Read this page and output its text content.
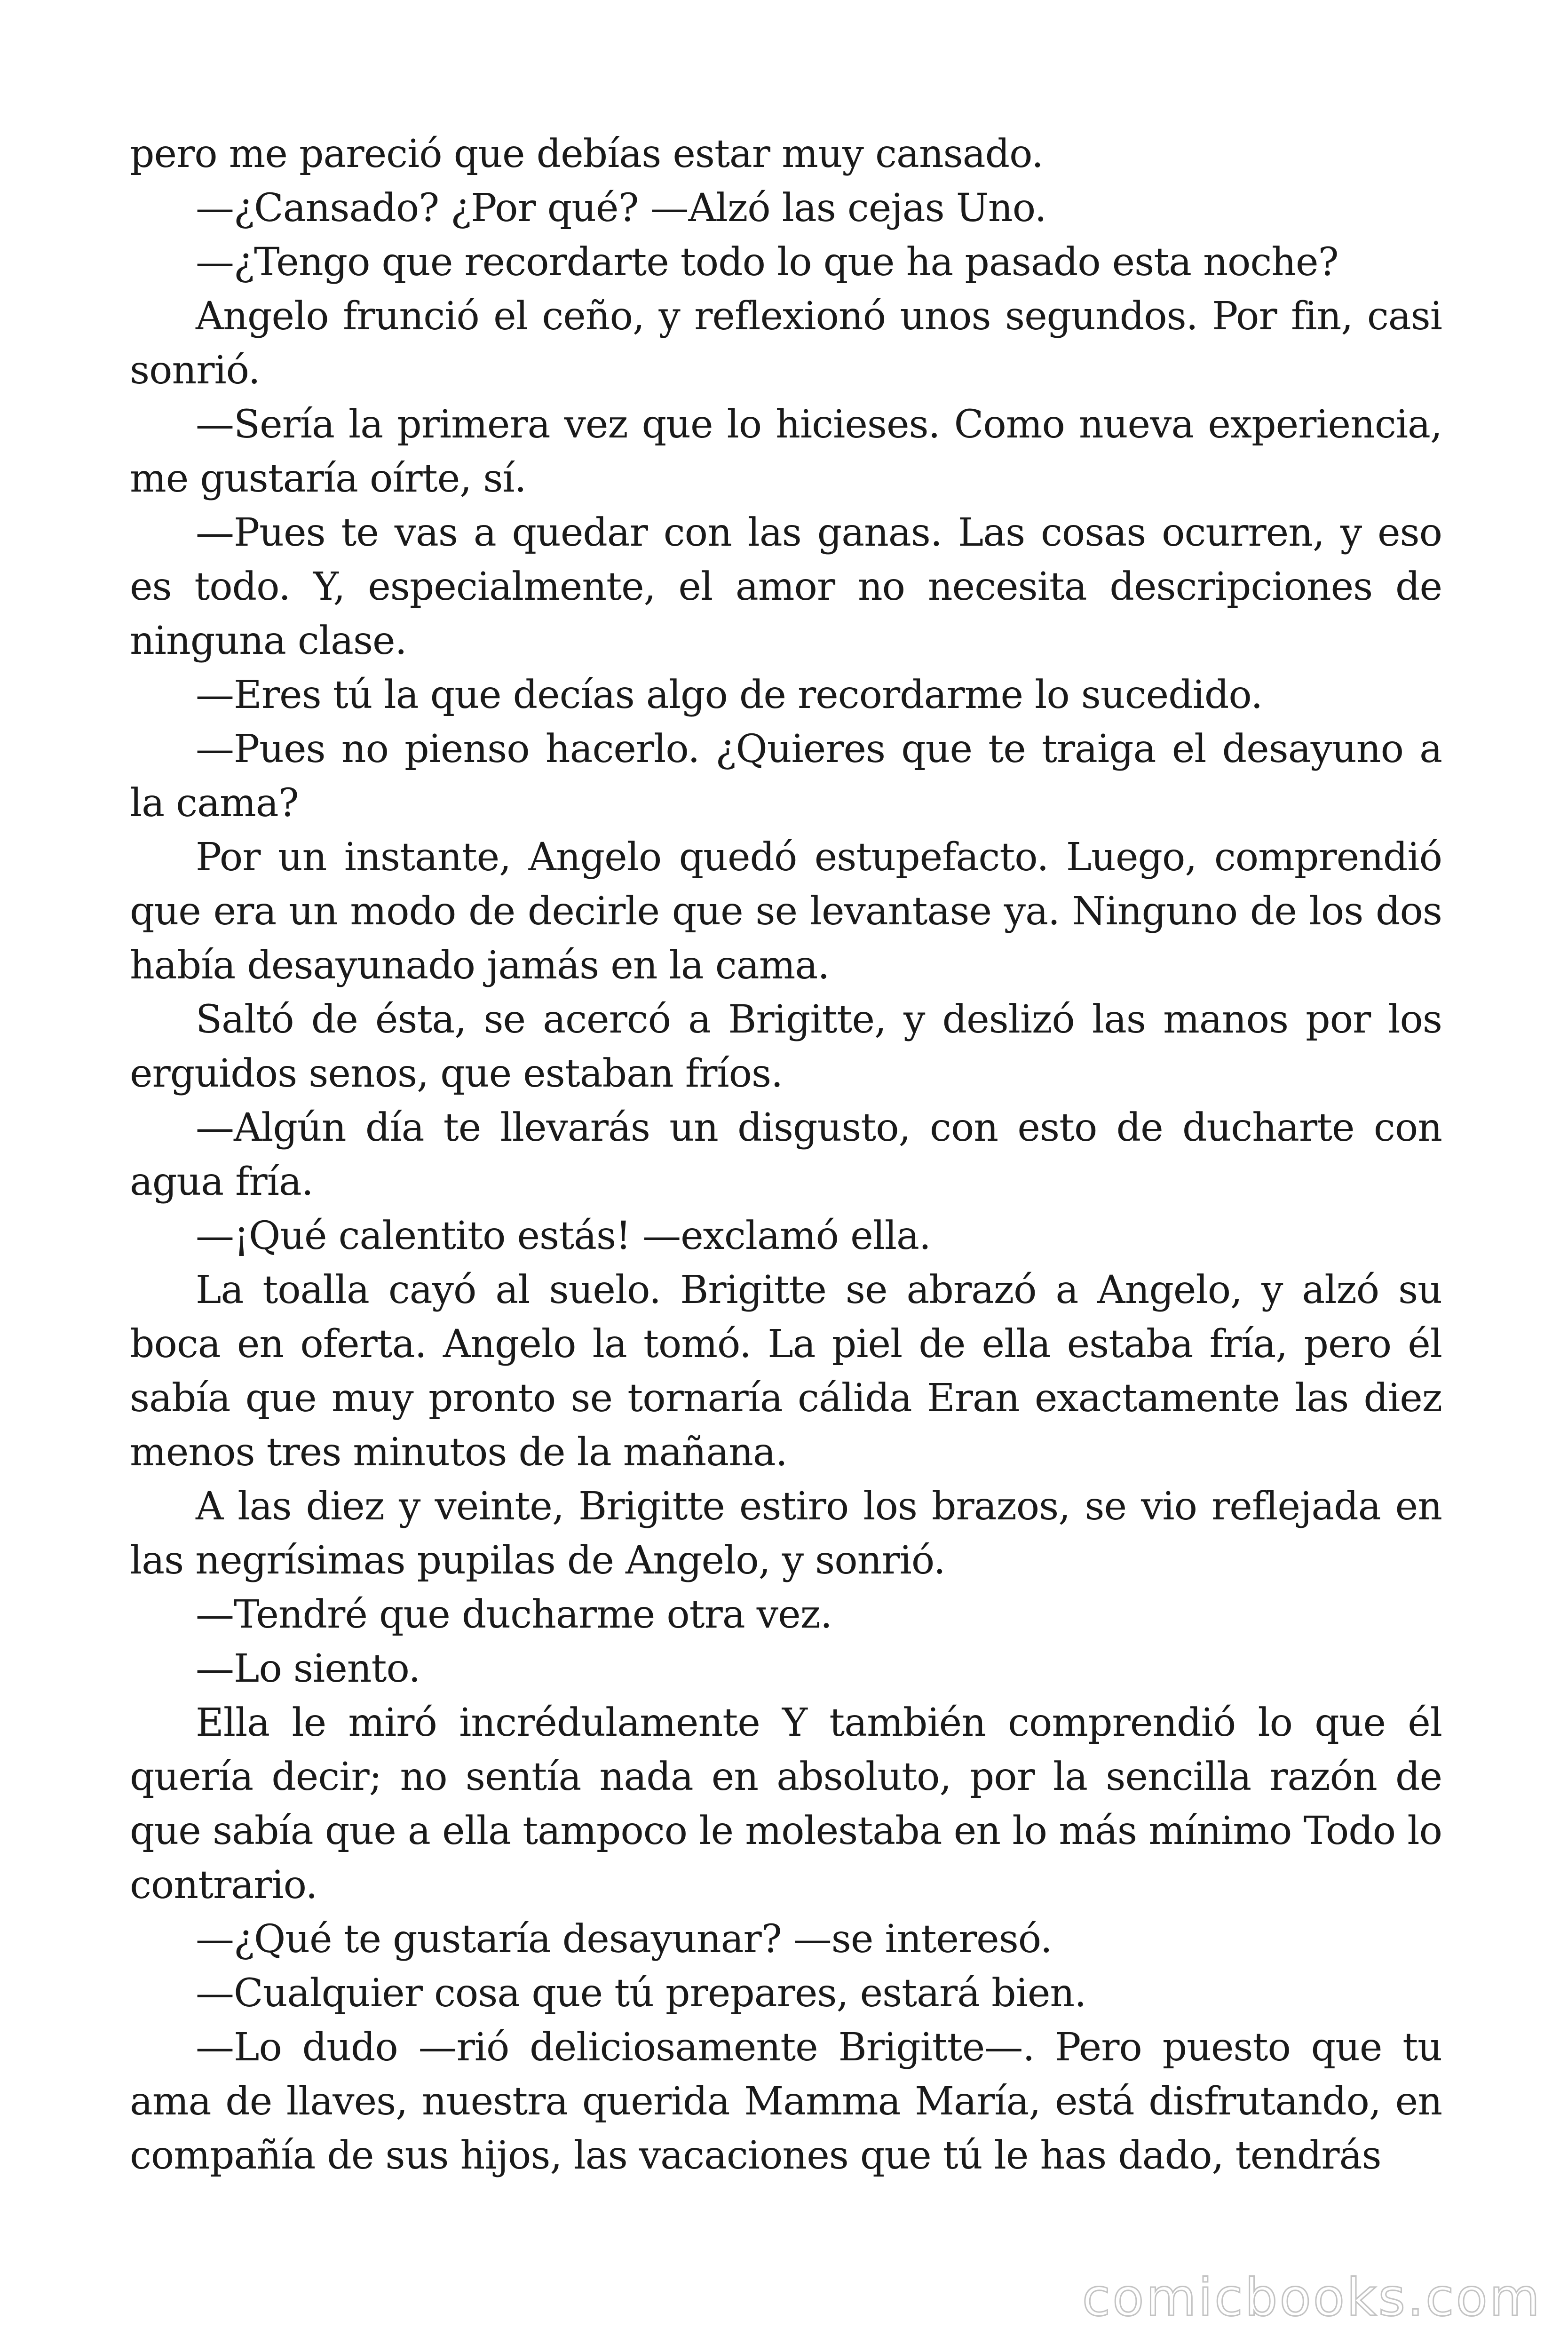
pero me pareció que debías estar muy cansado.

—¿Cansado? ¿Por qué? —Alzó las cejas Uno.

—¿Tengo que recordarte todo lo que ha pasado esta noche?

Angelo frunció el ceño, y reflexionó unos segundos. Por fin, casi sonrió.

—Sería la primera vez que lo hicieses. Como nueva experiencia, me gustaría oírte, sí.

—Pues te vas a quedar con las ganas. Las cosas ocurren, y eso es todo. Y, especialmente, el amor no necesita descripciones de ninguna clase.

—Eres tú la que decías algo de recordarme lo sucedido.

—Pues no pienso hacerlo. ¿Quieres que te traiga el desayuno a la cama?

Por un instante, Angelo quedó estupefacto. Luego, comprendió que era un modo de decirle que se levantase ya. Ninguno de los dos había desayunado jamás en la cama.

Saltó de ésta, se acercó a Brigitte, y deslizó las manos por los erguidos senos, que estaban fríos.

—Algún día te llevarás un disgusto, con esto de ducharte con agua fría.

—¡Qué calentito estás! —exclamó ella.

La toalla cayó al suelo. Brigitte se abrazó a Angelo, y alzó su boca en oferta. Angelo la tomó. La piel de ella estaba fría, pero él sabía que muy pronto se tornaría cálida Eran exactamente las diez menos tres minutos de la mañana.

A las diez y veinte, Brigitte estiro los brazos, se vio reflejada en las negrísimas pupilas de Angelo, y sonrió.

—Tendré que ducharme otra vez.

—Lo siento.

Ella le miró incrédulamente Y también comprendió lo que él quería decir; no sentía nada en absoluto, por la sencilla razón de que sabía que a ella tampoco le molestaba en lo más mínimo Todo lo contrario.

—¿Qué te gustaría desayunar? —se interesó.

—Cualquier cosa que tú prepares, estará bien.

—Lo dudo —rió deliciosamente Brigitte—. Pero puesto que tu ama de llaves, nuestra querida Mamma María, está disfrutando, en compañía de sus hijos, las vacaciones que tú le has dado, tendrás

comicbooks.com
